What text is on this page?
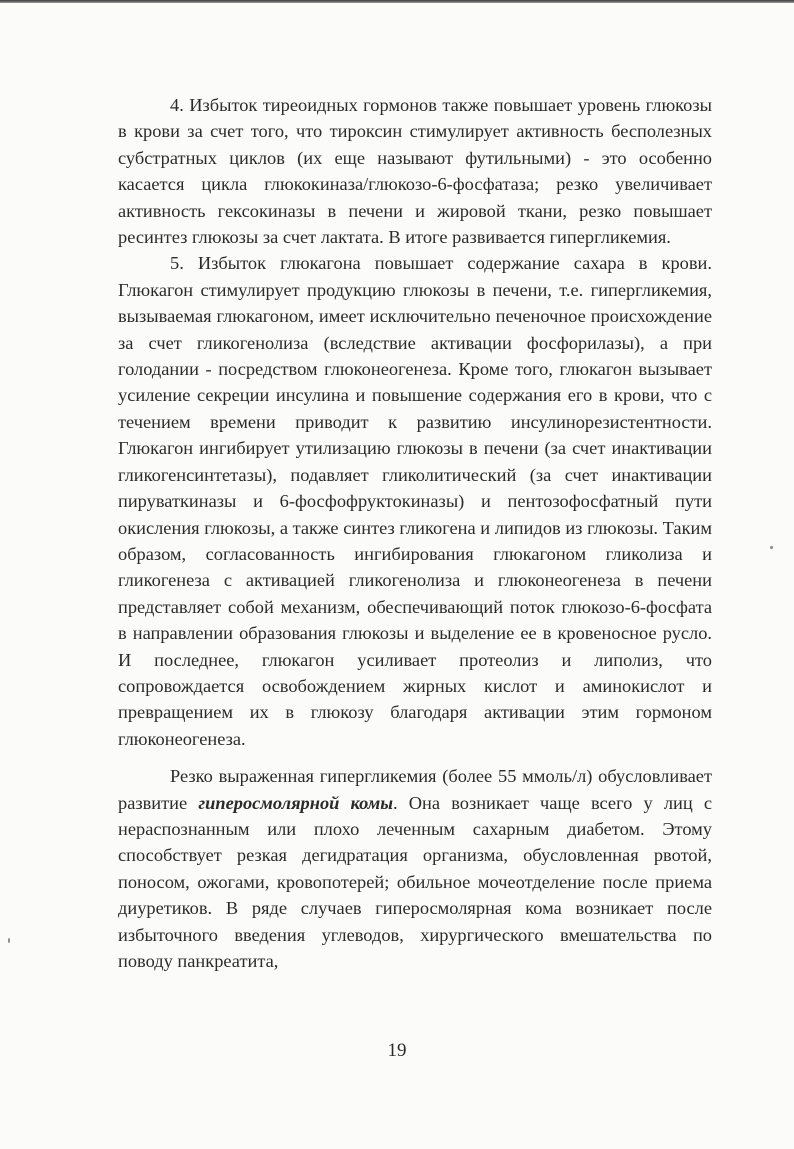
4. Избыток тиреоидных гормонов также повышает уровень глюкозы в крови за счет того, что тироксин стимулирует активность бесполезных субстратных циклов (их еще называют футильными) - это особенно касается цикла глюкокиназа/глюкозо-6-фосфатаза; резко увеличивает активность гексокиназы в печени и жировой ткани, резко повышает ресинтез глюкозы за счет лактата. В итоге развивается гипергликемия.

5. Избыток глюкагона повышает содержание сахара в крови. Глюкагон стимулирует продукцию глюкозы в печени, т.е. гипергликемия, вызываемая глюкагоном, имеет исключительно печеночное происхождение за счет гликогенолиза (вследствие активации фосфорилазы), а при голодании - посредством глюконеогенеза. Кроме того, глюкагон вызывает усиление секреции инсулина и повышение содержания его в крови, что с течением времени приводит к развитию инсулинорезистентности. Глюкагон ингибирует утилизацию глюкозы в печени (за счет инактивации гликогенсинтетазы), подавляет гликолитический (за счет инактивации пируваткиназы и 6-фосфофруктокиназы) и пентозофосфатный пути окисления глюкозы, а также синтез гликогена и липидов из глюкозы. Таким образом, согласованность ингибирования глюкагоном гликолиза и гликогенеза с активацией гликогенолиза и глюконеогенеза в печени представляет собой механизм, обеспечивающий поток глюкозо-6-фосфата в направлении образования глюкозы и выделение ее в кровеносное русло. И последнее, глюкагон усиливает протеолиз и липолиз, что сопровождается освобождением жирных кислот и аминокислот и превращением их в глюкозу благодаря активации этим гормоном глюконеогенеза.

Резко выраженная гипергликемия (более 55 ммоль/л) обусловливает развитие гиперосмолярной комы. Она возникает чаще всего у лиц с нераспознанным или плохо леченным сахарным диабетом. Этому способствует резкая дегидратация организма, обусловленная рвотой, поносом, ожогами, кровопотерей; обильное мочеотделение после приема диуретиков. В ряде случаев гиперосмолярная кома возникает после избыточного введения углеводов, хирургического вмешательства по поводу панкреатита,

19
